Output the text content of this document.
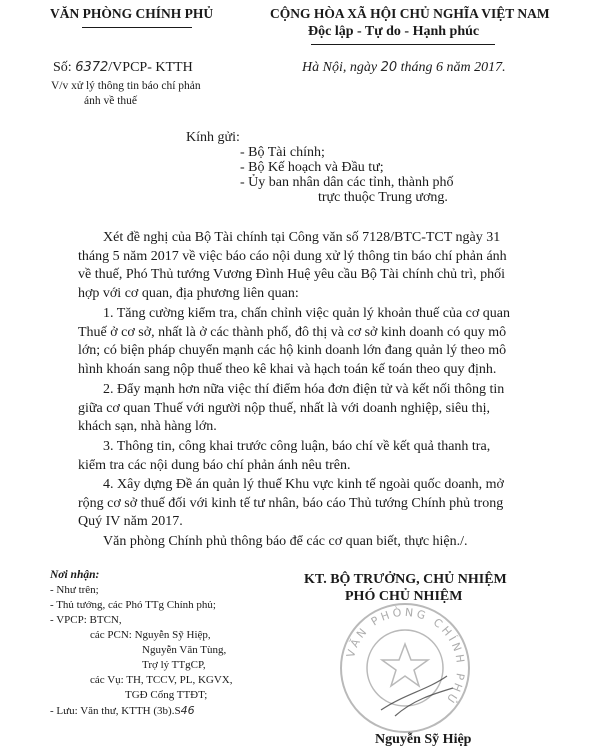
VĂN PHÒNG CHÍNH PHỦ	CỘNG HÒA XÃ HỘI CHỦ NGHĨA VIỆT NAM
Độc lập - Tự do - Hạnh phúc
Số: 6372/VPCP- KTTH
V/v xử lý thông tin báo chí phản
ánh về thuế
Hà Nội, ngày 20 tháng 6 năm 2017.
Kính gửi:
- Bộ Tài chính;
- Bộ Kế hoạch và Đầu tư;
- Ủy ban nhân dân các tỉnh, thành phố
trực thuộc Trung ương.
Xét đề nghị của Bộ Tài chính tại Công văn số 7128/BTC-TCT ngày 31
tháng 5 năm 2017 về việc báo cáo nội dung xử lý thông tin báo chí phản ánh
về thuế, Phó Thủ tướng Vương Đình Huệ yêu cầu Bộ Tài chính chủ trì, phối
hợp với cơ quan, địa phương liên quan:
1. Tăng cường kiểm tra, chấn chỉnh việc quản lý khoản thuế của cơ quan
Thuế ở cơ sở, nhất là ở các thành phố, đô thị và cơ sở kinh doanh có quy mô
lớn; có biện pháp chuyển mạnh các hộ kinh doanh lớn đang quản lý theo mô
hình khoán sang nộp thuế theo kê khai và hạch toán kế toán theo quy định.
2. Đẩy mạnh hơn nữa việc thí điểm hóa đơn điện tử và kết nối thông tin
giữa cơ quan Thuế với người nộp thuế, nhất là với doanh nghiệp, siêu thị,
khách sạn, nhà hàng lớn.
3. Thông tin, công khai trước công luận, báo chí về kết quả thanh tra,
kiểm tra các nội dung báo chí phản ánh nêu trên.
4. Xây dựng Đề án quản lý thuế Khu vực kinh tế ngoài quốc doanh, mở
rộng cơ sở thuế đối với kinh tế tư nhân, báo cáo Thủ tướng Chính phủ trong
Quý IV năm 2017.
Văn phòng Chính phủ thông báo để các cơ quan biết, thực hiện./.
Nơi nhận:
- Như trên;
- Thủ tướng, các Phó TTg Chính phủ;
- VPCP: BTCN,
các PCN: Nguyễn Sỹ Hiệp,
Nguyễn Văn Tùng,
Trợ lý TTgCP,
các Vụ: TH, TCCV, PL, KGVX,
TGĐ Cổng TTĐT;
- Lưu: Văn thư, KTTH (3b).S46
KT. BỘ TRƯỞNG, CHỦ NHIỆM
PHÓ CHỦ NHIỆM
VĂN PHÒNG CHÍNH PHỦ
Nguyễn Sỹ Hiệp
